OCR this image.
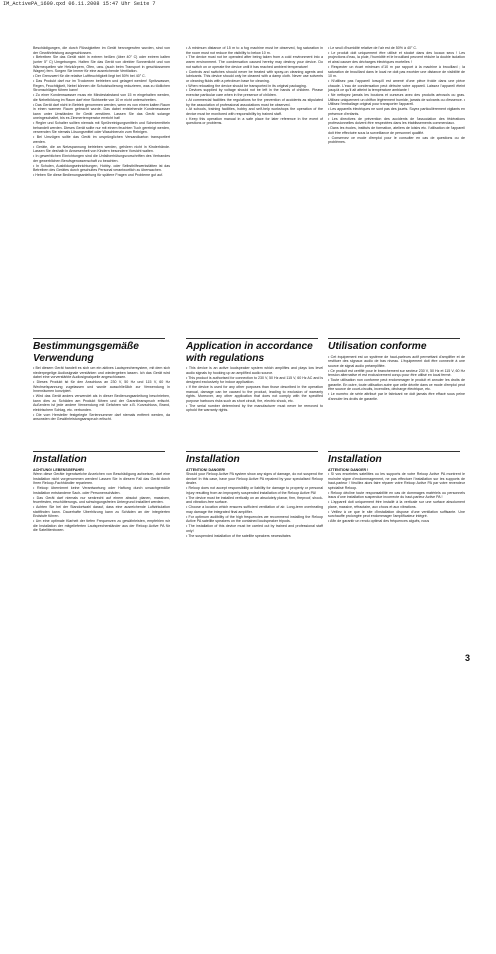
IM_ActivePA_1600.qxd 06.11.2008 15:47 Uhr Seite 7

Beschädigungen, die durch Flüssigkeiten im Gerät hervorgerufen wurden, sind von der Gewährleistung ausgeschlossen.

• Betreiben Sie das Gerät nicht in extrem heißen (über 40° C) oder extrem kalten (unter 5° C) Umgebungen. Halten Sie das Gerät von direkter Sonnenlicht und von Wärmequellen wie Heizkörpern, Öfen, usw. (auch beim Transport in geschlossenen Wagen) fern. Sorgen Sie immer für eine ausreichende Ventilation.

• Der Grenzwert für die relative Luftfeuchtigkeit liegt bei 50% bei 40° C.

• Das Produkt darf nur im Trockenen betrieben und gelagert werden! Spritzwasser, Regen, Feuchtigkeit, Nebel können die Schutzisolierung reduzieren, was zu tödlichen Stromschlägen führen kann!

• Zu einer Kondenswasser muss ein Mindestabstand von 15 m eingehalten werden, die Nebelbildung im Raum darf eine Sichtweite von 10 m nicht unterschreiten.

• Das Gerät darf nicht in Betrieb genommen werden, wenn es von einem kalten Raum in einen warmen Raum gebracht wurde. Das dabei entstehende Kondenswasser kann unter Umständen Ihr Gerät zerstören. Lassen Sie das Gerät solange uneingeschaltet, bis es Zimmertemperatur erreicht hat!

• Regler und Schalter sollten niemals mit Sprühreinigungsmitteln und Schmiermitteln behandelt werden. Dieses Gerät sollte nur mit einem feuchten Tuch gereinigt werden, verwenden Sie niemals Lösungsmittel oder Waschbenzin zum Reinigen.

• Bei Umzügen sollte das Gerät im ursprünglichen Versandkarton transportiert werden.

• Geräte, die an Netzspannung betrieben werden, gehören nicht in Kinderhände. Lassen Sie deshalb in Anwesenheit von Kindern besondere Vorsicht walten.

• In gewerblichen Einrichtungen sind die Unfallverhütungsvorschriften des Verbandes der gewerblichen Berufsgenossenschaft zu beachten.

• In Schulen, Ausbildungseinrichtungen, Hobby- oder Selbsthilfewerkstätten ist das Betreiben des Gerätes durch geschultes Personal verantwortlich zu überwachen.

• Heben Sie diese Bedienungsanleitung für spätere Fragen und Probleme gut auf.

Bestimmungsgemäße Verwendung

• Bei diesem Gerät handelt es sich um ein aktives Lautsprechersystem, mit dem sich niederpegelige Audiosignale verstärken und wiedergeben lassen. Ich das Gerät wird dabei eine vorverstärkte Audiosignalquelle angeschlossen.

• Dieses Produkt ist für den Anschluss an 230 V, 50 Hz und 115 V, 60 Hz Wechselspannung zugelassen und wurde ausschließlich zur Verwendung in Innenräumen konzipiert.

• Wird das Gerät anders verwendet als in dieser Bedienungsanleitung beschrieben, kann dies zu Schäden am Produkt führen und der Garantieanspruch erlischt. Außerdem ist jede andere Verwendung mit Gefahren wie z.B. Kurzschluss, Brand, elektrischem Schlag, etc. verbunden.

• Die vom Hersteller festgelegte Seriennummer darf niemals entfernt werden, da ansonsten der Gewährleistungsanspruch erlischt.

Installation
ACHTUNG! LEBENSGEFAHR!

Wenn diese Geräte irgendwelche Anzeichen von Beschädigung aufweisen, darf eine Installation nicht vorgenommen werden! Lassen Sie in diesem Fall das Gerät durch Ihren Reloop-Fachhändler reparieren.

• Reloop übernimmt keine Verantwortung oder Haftung durch unsachgemäße Installation entstandene Sach- oder Personenschäden.

• Das Gerät darf niemals nur senkrecht auf einem absolut planen, massiven, feuerfesten, erschütterungs- und schwingungsfreien Untergrund installiert werden.

• Achten Sie bei der Standortwahl darauf, dass eine ausreichende Luftzirkulation stattfinden kann. Dauerhafte Überhitzung kann zu Schäden an der integrierten Endstufe führen.

• Um eine optimale Klarheit der tiefen Frequenzen zu gewährleisten, empfehlen wir die Installation der mitgelieferten Lautsprecherständer aus der Reloop Active PA für die Satellitenboxen.

• A minimum distance of 15 m to a fog machine must be observed, fog saturation in the room must not reduce the visibility to below 10 m.

• The device must not be operated after being taken from a cold environment into a warm environment. The condensation caused hereby may destroy your device. Do not switch on or operate the device until it has reached ambient temperature!

• Controls and switches should never be treated with spray-on cleaning agents and lubricants. This device should only be cleaned with a damp cloth. Never use solvents or cleaning fluids with a petroleum base for cleaning.

• When relocating the device should be transported in its original packaging.

• Devices supplied by voltage should not be left in the hands of children. Please exercise particular care when in the presence of children.

• At commercial facilities the regulations for the prevention of accidents as stipulated by the association of professional associations must be observed.

• At schools, training facilities, hobby and self-help workshops the operation of the device must be monitored with responsibility by trained staff.

• Keep this operation manual in a safe place for later reference in the event of questions or problems.

Application in accordance with regulations

• This device is an active loudspeaker system which amplifies and plays low level audio signals by hooking up an amplified audio source.

• This product is authorised for connection to 230 V, 50 Hz and 115 V, 60 Hz AC and is designed exclusively for indoor application.

• If the device is used for any other purposes than those described in the operation manual, damage can be caused to the product, leading to exclusion of warranty rights. Moreover, any other application that does not comply with the specified purpose harbours risks such as short circuit, fire, electric shock, etc.

• The serial number determined by the manufacturer must never be removed to uphold the warranty rights.

Installation
ATTENTION! DANGER!

Should your Reloop Active PA system show any signs of damage, do not suspend the device! In this case, have your Reloop Active PA repaired by your specialised Reloop dealer.

• Reloop does not accept responsibility or liability for damage to property or personal injury resulting from an improperly suspended installation of the Reloop Active PA!

• The device must be installed vertically on an absolutely planar, firm, fireproof, shock- and vibration-free surface.

• Choose a location which ensures sufficient ventilation of air. Long-term overheating may damage the integrated final amplifier.

• For optimum audibility of the high frequencies we recommend installing the Reloop Active PA satellite speakers on the contained loudspeaker tripods.

• The installation of this device must be carried out by trained and professional staff only!

• The suspended installation of the satellite speakers necessitates

• Le seuil d'humidité relative de l'air est de 50% à 40° C.

• Le produit doit uniquement être utilisé et stocké dans des locaux secs ! Les projections d'eau, la pluie, l'humidité et le brouillard peuvent réduire la double isolation et ainsi causer des décharges électriques mortelles !

• Respecter un écart minimum d'10 m par rapport à la machine à brouillard ; la saturation de brouillard dans le local ne doit pas excéder une distance de visibilité de 10 m.

• N'utilisez pas l'appareil lorsqu'il est amené d'une pièce froide dans une pièce chaude. L'eau de condensation peut détruire votre appareil. Laissez l'appareil éteint jusqu'à ce qu'il ait atteint la température ambiante !

• Ne nettoyez jamais les boutons et curseurs avec des produits aérosols ou gras. Utilisez uniquement un chiffon légèrement humide, jamais de solvants ou d'essence. • Utilisez l'emballage original pour transporter l'appareil.

• Les appareils électriques ne sont pas des jouets. Soyez particulièrement vigilants en présence d'enfants.

• Les directives de prévention des accidents de l'association des fédérations professionnelles doivent être respectées dans les établissements commerciaux.

• Dans les écoles, instituts de formation, ateliers de loisirs etc. l'utilisation de l'appareil doit être effectuée sous la surveillance de personnel qualifié.

• Conservez ce mode d'emploi pour le consulter en cas de questions ou de problèmes.

Utilisation conforme

• Cet équipement est un système de haut-parleurs actif permettant d'amplifier et de restituer des signaux audio de bas niveau. L'équipement doit être connecté à une source de signal audio préamplifiée.

• Ce produit est certifié pour le branchement sur secteur 230 V, 50 Hz et 115 V, 60 Hz tension alternative et est exclusivement conçu pour être utilisé en local fermé.

• Toute utilisation non conforme peut endommager le produit et annuler les droits de garantie. En outre, toute utilisation autre que celle décrite dans ce mode d'emploi peut être source de court-circuits, incendies, décharge électrique, etc.

• Le numéro de série attribué par le fabricant ne doit jamais être effacé sous peine d'annuler les droits de garantie.

Installation
ATTENTION! DANGER !

• Si vos enceintes satellites ou les supports de votre Reloop Active PA montrent le moindre signe d'endommagement, ne pas effectuer l'installation sur les supports de haut-parleur ! Veuillez alors faire réparer votre Reloop Active PA par votre revendeur spécialisé Reloop.

• Reloop décline toute responsabilité en cas de dommages matériels ou personnels issus d'une installation suspendue incorrecte du haut-parleur Active PA !

• L'appareil doit uniquement être installé à la verticale sur une surface absolument plane, massive, réfractaire, aux chocs et aux vibrations.

• Veillez à ce que le site d'installation dispose d'une ventilation suffisante. Une surchauffe prolongée peut endommager l'amplificateur intégré.

• Afin de garantir un rendu optimal des fréquences aiguës, nous

3
